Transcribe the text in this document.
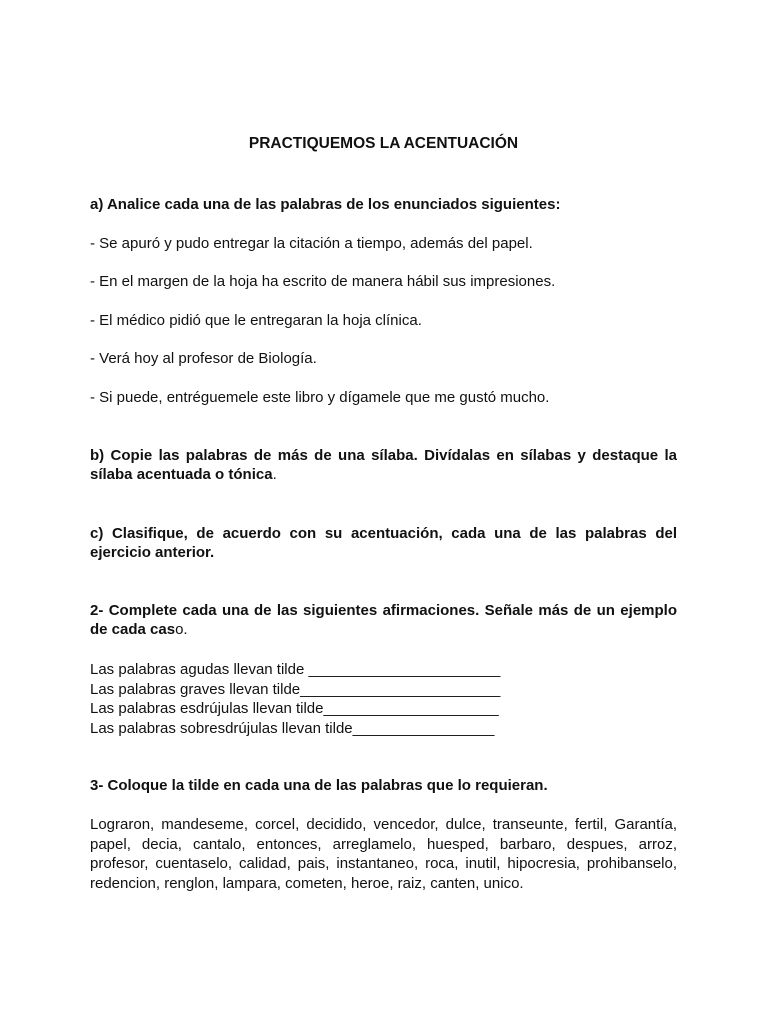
PRACTIQUEMOS LA ACENTUACIÓN
a) Analice cada una de las palabras de los enunciados siguientes:
- Se apuró y pudo entregar la citación a tiempo, además del papel.
- En el margen de la hoja ha escrito de manera hábil sus impresiones.
- El médico pidió que le entregaran la hoja clínica.
- Verá hoy al profesor de Biología.
- Si puede, entréguemele este libro y dígamele que me gustó mucho.
b) Copie las palabras de más de una sílaba. Divídalas en sílabas y destaque la sílaba acentuada o tónica.
c) Clasifique, de acuerdo con su acentuación, cada una de las palabras del ejercicio anterior.
2- Complete cada una de las siguientes afirmaciones. Señale más de un ejemplo de cada caso.
Las palabras agudas llevan tilde _______________________
Las palabras graves llevan tilde________________________
Las palabras esdrújulas llevan tilde_____________________
Las palabras sobresdrújulas llevan tilde_________________
3- Coloque la tilde en cada una de las palabras que lo requieran.
Lograron, mandeseme, corcel, decidido, vencedor, dulce, transeunte, fertil, Garantía, papel, decia, cantalo, entonces, arreglamelo, huesped, barbaro, despues, arroz, profesor, cuentaselo, calidad, pais, instantaneo, roca, inutil, hipocresia, prohibanselo, redencion, renglon, lampara, cometen, heroe, raiz, canten, unico.
